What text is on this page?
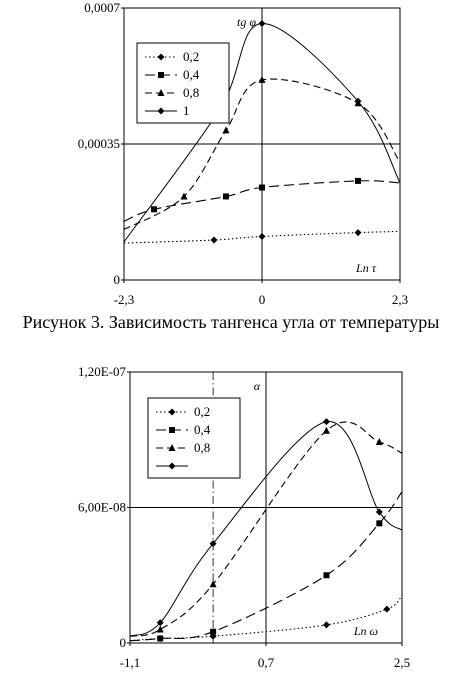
0
0,00035
0,0007
-2,3	0	2,3
tg φ
Ln τ
0,2
0,4
0,8
1
Рисунок 3. Зависимость тангенса угла от температуры
0
6,00E-08
1,20E-07
-1,1	0,7	2,5
α
Ln ω
0,2
0,4
0,8
